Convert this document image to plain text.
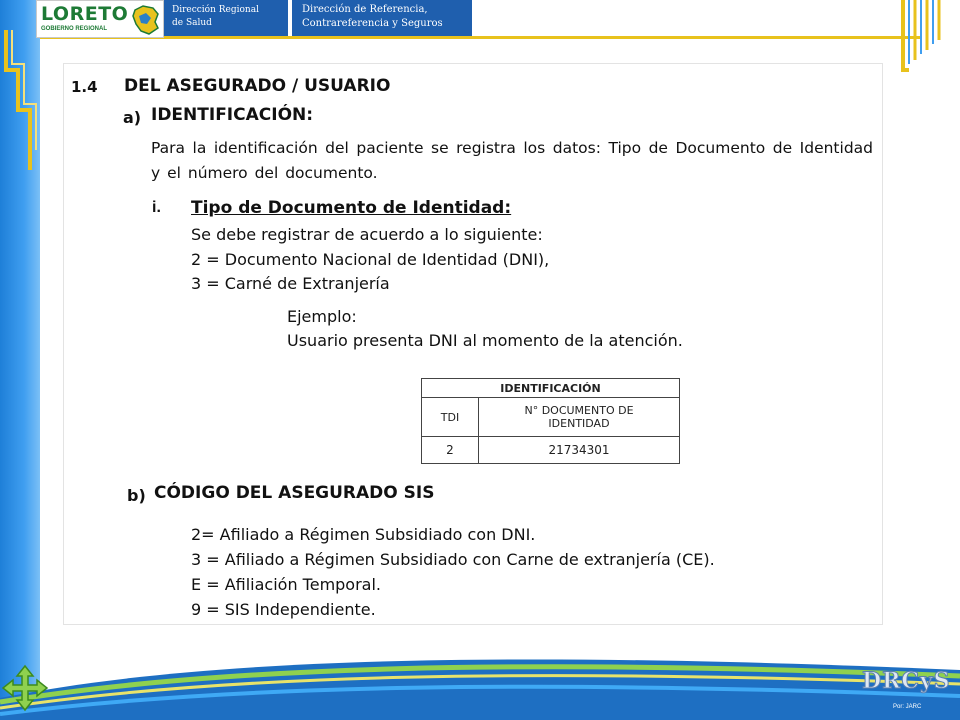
LORETO
GOBIERNO REGIONAL
Dirección Regional
de Salud
Dirección de Referencia,
Contrareferencia y Seguros
1.4 DEL ASEGURADO / USUARIO
a) IDENTIFICACIÓN:
Para la identificación del paciente se registra los datos: Tipo de Documento de Identidad y el número del documento.
i. Tipo de Documento de Identidad:
Se debe registrar de acuerdo a lo siguiente:
2 = Documento Nacional de Identidad (DNI),
3 = Carné de Extranjería
Ejemplo:
Usuario presenta DNI al momento de la atención.
IDENTIFICACIÓN	
TDI	N° DOCUMENTO DE
IDENTIDAD

2	21734301
b) CÓDIGO DEL ASEGURADO SIS
2= Afiliado a Régimen Subsidiado con DNI.
3 = Afiliado a Régimen Subsidiado con Carne de extranjería (CE).
E = Afiliación Temporal.
9 = SIS Independiente.
DRCyS
Por: JARC
